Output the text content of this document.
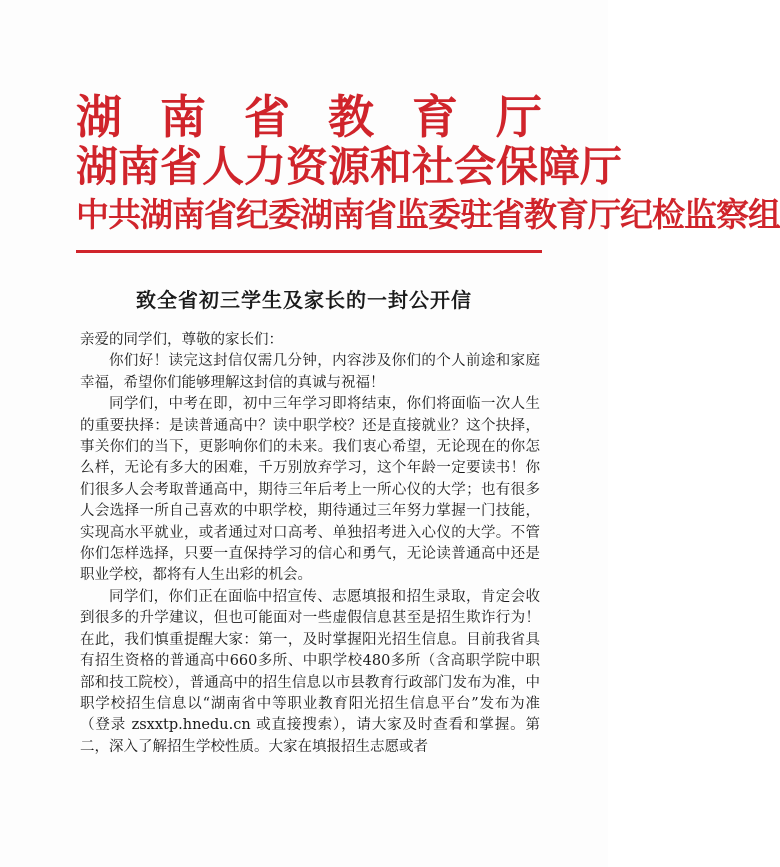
湖 南 省 教 育 厅
湖南省人力资源和社会保障厅
中共湖南省纪委湖南省监委驻省教育厅纪检监察组
致全省初三学生及家长的一封公开信

亲爱的同学们，尊敬的家长们：

你们好！读完这封信仅需几分钟，内容涉及你们的个人前途和家庭幸福，希望你们能够理解这封信的真诚与祝福！

同学们，中考在即，初中三年学习即将结束，你们将面临一次人生的重要抉择：是读普通高中？读中职学校？还是直接就业？这个抉择，事关你们的当下，更影响你们的未来。我们衷心希望，无论现在的你怎么样，无论有多大的困难，千万别放弃学习，这个年龄一定要读书！你们很多人会考取普通高中，期待三年后考上一所心仪的大学；也有很多人会选择一所自己喜欢的中职学校，期待通过三年努力掌握一门技能，实现高水平就业，或者通过对口高考、单独招考进入心仪的大学。不管你们怎样选择，只要一直保持学习的信心和勇气，无论读普通高中还是职业学校，都将有人生出彩的机会。

同学们，你们正在面临中招宣传、志愿填报和招生录取，肯定会收到很多的升学建议，但也可能面对一些虚假信息甚至是招生欺诈行为！在此，我们慎重提醒大家：第一，及时掌握阳光招生信息。目前我省具有招生资格的普通高中660多所、中职学校480多所（含高职学院中职部和技工院校），普通高中的招生信息以市县教育行政部门发布为准，中职学校招生信息以“湖南省中等职业教育阳光招生信息平台”发布为准（登录 zsxxtp.hnedu.cn 或直接搜索），请大家及时查看和掌握。第二，深入了解招生学校性质。大家在填报招生志愿或者
